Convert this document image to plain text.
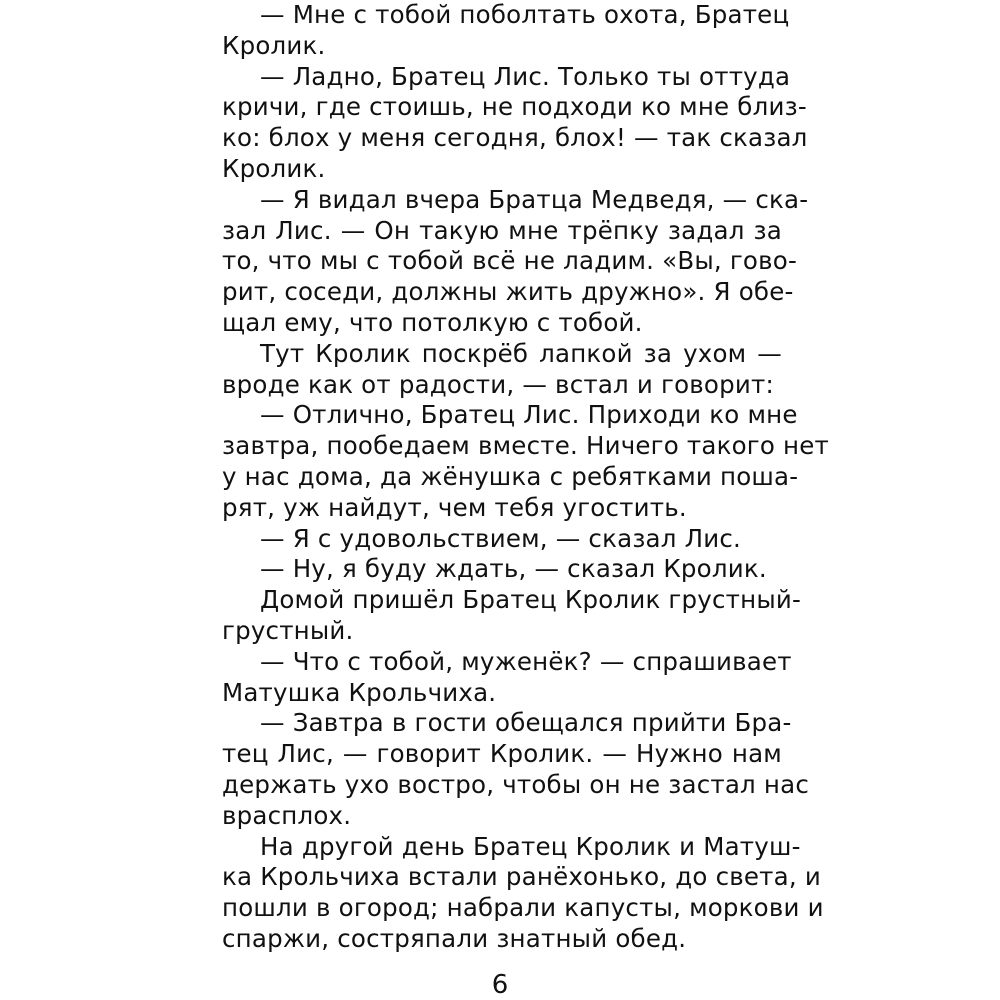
— Мне с тобой поболтать охота, Братец
Кролик.
— Ладно, Братец Лис. Только ты оттуда
кричи, где стоишь, не подходи ко мне близ-
ко: блох у меня сегодня, блох! — так сказал
Кролик.
— Я видал вчера Братца Медведя, — ска-
зал Лис. — Он такую мне трёпку задал за
то, что мы с тобой всё не ладим. «Вы, гово-
рит, соседи, должны жить дружно». Я обе-
щал ему, что потолкую с тобой.
Тут Кролик поскрёб лапкой за ухом —
вроде как от радости, — встал и говорит:
— Отлично, Братец Лис. Приходи ко мне
завтра, пообедаем вместе. Ничего такого нет
у нас дома, да жёнушка с ребятками поша-
рят, уж найдут, чем тебя угостить.
— Я с удовольствием, — сказал Лис.
— Ну, я буду ждать, — сказал Кролик.
Домой пришёл Братец Кролик грустный-
грустный.
— Что с тобой, муженёк? — спрашивает
Матушка Крольчиха.
— Завтра в гости обещался прийти Бра-
тец Лис, — говорит Кролик. — Нужно нам
держать ухо востро, чтобы он не застал нас
врасплох.
На другой день Братец Кролик и Матуш-
ка Крольчиха встали ранёхонько, до света, и
пошли в огород; набрали капусты, моркови и
спаржи, состряпали знатный обед.
6
